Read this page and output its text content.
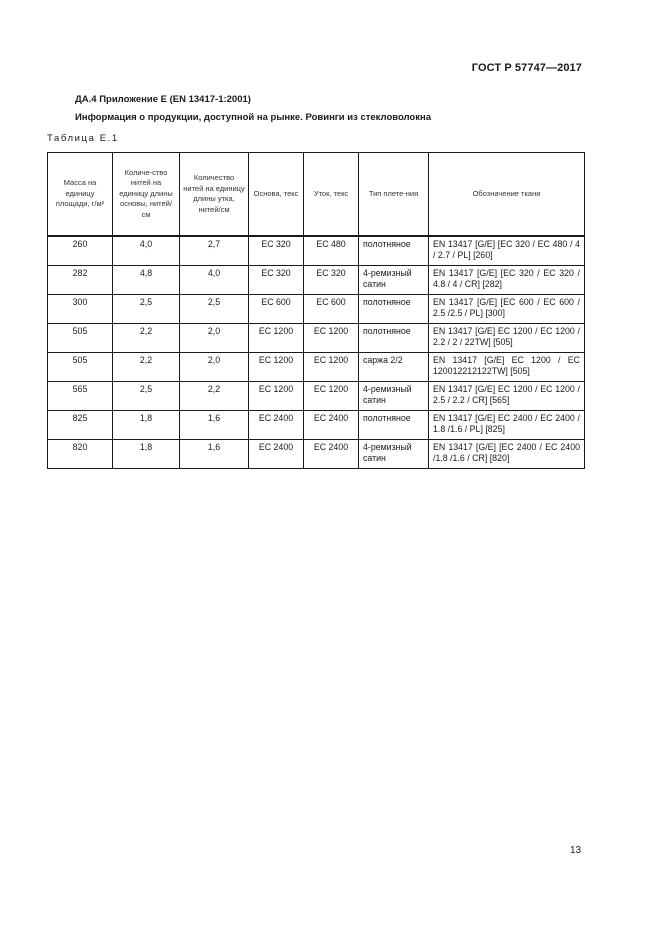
ГОСТ Р 57747—2017
ДА.4 Приложение Е (EN 13417-1:2001)
Информация о продукции, доступной на рынке. Ровинги из стекловолокна
Таблица Е.1
Масса на единицу площади, г/м²	Количе-ство нитей на единицу длины основы, нитей/см	Количество нитей на единицу длины утка, нитей/см	Основа, текс	Уток, текс	Тип плете-ния	Обозначение ткани
260	4,0	2,7	EC 320	EC 480	полотняное	EN 13417 [G/E] [EC 320 / EC 480 / 4 / 2.7 / PL] [260]
282	4,8	4,0	EC 320	EC 320	4-ремизный сатин	EN 13417 [G/E] [EC 320 / EC 320 / 4.8 / 4 / CR] [282]
300	2,5	2,5	EC 600	EC 600	полотняное	EN 13417 [G/E] [EC 600 / EC 600 / 2.5 /2.5 / PL] [300]
505	2,2	2,0	EC 1200	EC 1200	полотняное	EN 13417 [G/E] EC 1200 / EC 1200 / 2.2 / 2 / 22TW] [505]
505	2,2	2,0	EC 1200	EC 1200	саржа 2/2	EN 13417 [G/E] EC 1200 / EC 120012212122TW] [505]
565	2,5	2,2	EC 1200	EC 1200	4-ремизный сатин	EN 13417 [G/E] EC 1200 / EC 1200 / 2.5 / 2.2 / CR] [565]
825	1,8	1,6	EC 2400	EC 2400	полотняное	EN 13417 [G/E] EC 2400 / EC 2400 / 1.8 /1.6 / PL] [825]
820	1,8	1,6	EC 2400	EC 2400	4-ремизный сатин	EN 13417 [G/E] [EC 2400 / EC 2400 /1.8 /1.6 / CR] [820]
13
